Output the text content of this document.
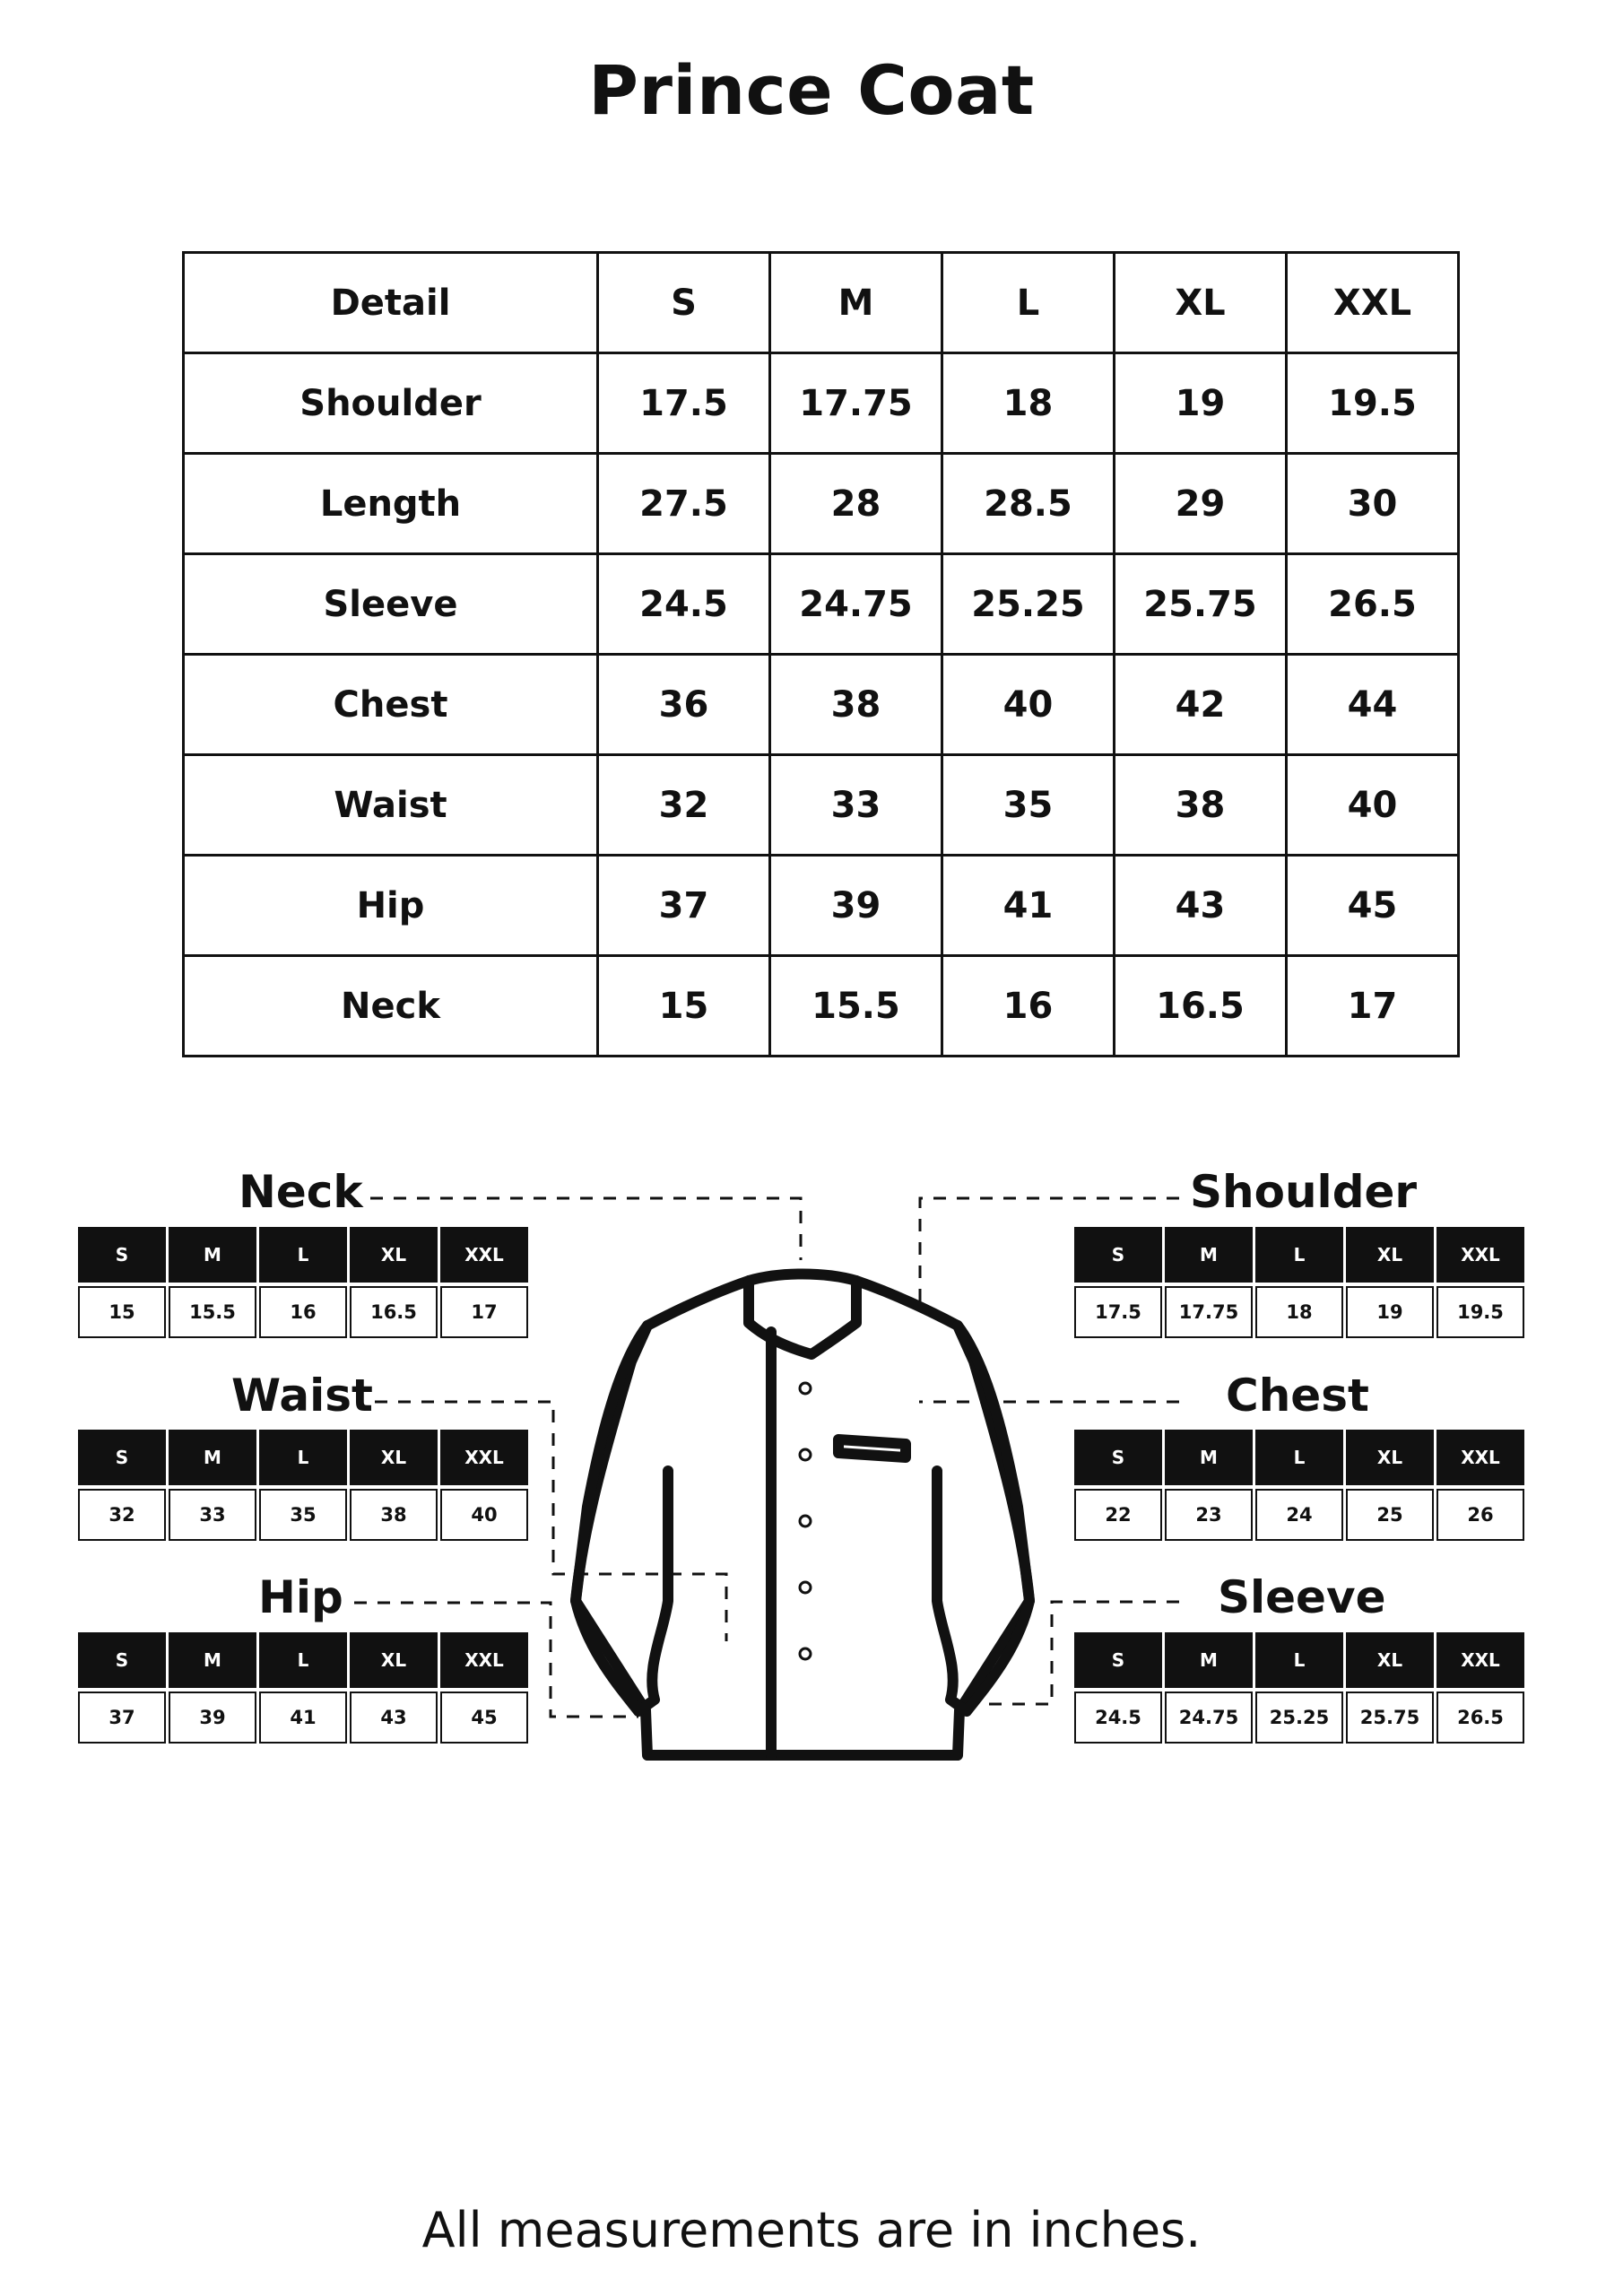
Prince Coat
Detail	S	M	L	XL	XXL
Shoulder	17.5	17.75	18	19	19.5
Length	27.5	28	28.5	29	30
Sleeve	24.5	24.75	25.25	25.75	26.5
Chest	36	38	40	42	44
Waist	32	33	35	38	40
Hip	37	39	41	43	45
Neck	15	15.5	16	16.5	17
Neck	Shoulder
Waist	Chest
Hip	Sleeve
S	M	L	XL	XXL

15	15.5	16	16.5	17
S	M	L	XL	XXL

17.5	17.75	18	19	19.5
S	M	L	XL	XXL

32	33	35	38	40
S	M	L	XL	XXL

22	23	24	25	26
S	M	L	XL	XXL

37	39	41	43	45
S	M	L	XL	XXL

24.5	24.75	25.25	25.75	26.5
All measurements are in inches.
